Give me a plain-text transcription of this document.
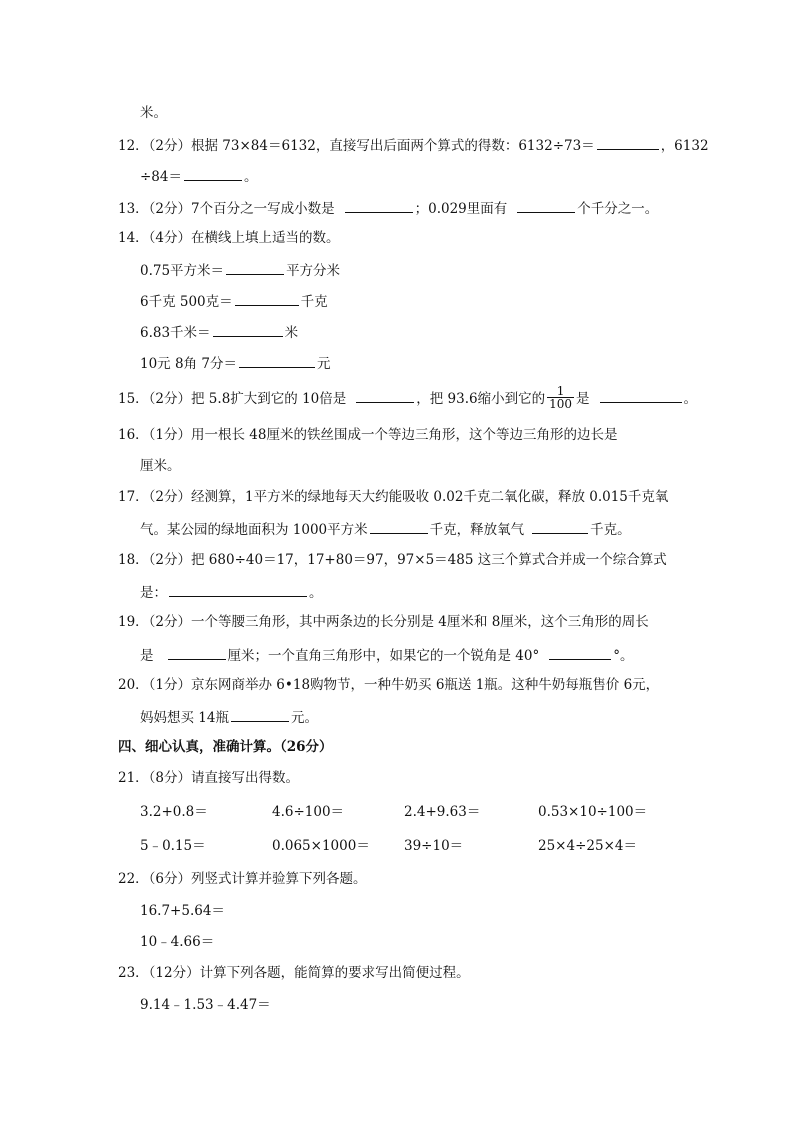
米。
12．（2分）根据 73×84＝6132，直接写出后面两个算式的得数：6132÷73＝	，6132
÷84＝	。
13．（2分）7个百分之一写成小数是	；0.029里面有	个千分之一。
14．（4分）在横线上填上适当的数。
0.75平方米＝	平方分米
6千克 500克＝	千克
6.83千米＝	米
10元 8角 7分＝	元
15．（2分）把 5.8扩大到它的 10倍是	，把 93.6缩小到它的 $\frac{1}{100}$ 是	。
16．（1分）用一根长 48厘米的铁丝围成一个等边三角形，这个等边三角形的边长是
厘米。
17．（2分）经测算，1平方米的绿地每天大约能吸收 0.02千克二氧化碳，释放 0.015千克氧
气。某公园的绿地面积为 1000平方米	千克，释放氧气	千克。
18．（2分）把 680÷40＝17，17+80＝97，97×5＝485 这三个算式合并成一个综合算式
是：	。
19．（2分）一个等腰三角形，其中两条边的长分别是 4厘米和 8厘米，这个三角形的周长
是	厘米；一个直角三角形中，如果它的一个锐角是 40°	°。
20．（1分）京东网商举办 6•18购物节，一种牛奶买 6瓶送 1瓶。这种牛奶每瓶售价 6元，
妈妈想买 14瓶	元。
四、细心认真，准确计算。（26分）
21．（8分）请直接写出得数。
3.2+0.8＝	4.6÷100＝	2.4+9.63＝	0.53×10÷100＝
5﹣0.15＝	0.065×1000＝	39÷10＝	25×4÷25×4＝
22．（6分）列竖式计算并验算下列各题。
16.7+5.64＝
10﹣4.66＝
23．（12分）计算下列各题，能简算的要求写出简便过程。
9.14﹣1.53﹣4.47＝
